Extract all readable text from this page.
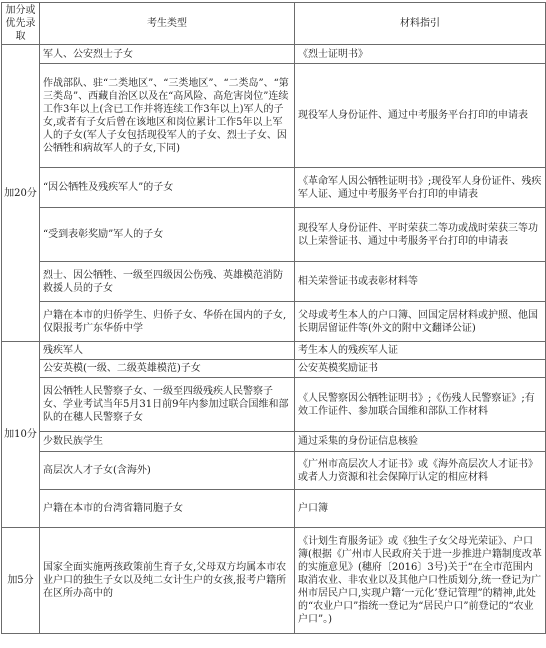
加分或优先录取	考生类型	材料指引
加20分	军人、公安烈士子女	《烈士证明书》
	作战部队、驻“二类地区”、“三类地区”、“二类岛”、“第三类岛”、西藏自治区以及在“高风险、高危害岗位”连续工作3年以上(含已工作并将连续工作3年以上)军人的子女,或者有子女后曾在该地区和岗位累计工作5年以上军人的子女(军人子女包括现役军人的子女、烈士子女、因公牺牲和病故军人的子女,下同)	现役军人身份证件、通过中考服务平台打印的申请表
	“因公牺牲及残疾军人”的子女	《革命军人因公牺牲证明书》;现役军人身份证件、残疾军人证、通过中考服务平台打印的申请表
	“受到表彰奖励”军人的子女	现役军人身份证件、平时荣获二等功或战时荣获三等功以上荣誉证书、通过中考服务平台打印的申请表
	烈士、因公牺牲、一级至四级因公伤残、英雄模范消防救援人员的子女	相关荣誉证书或表彰材料等
	户籍在本市的归侨学生、归侨子女、华侨在国内的子女,仅限报考广东华侨中学	父母或考生本人的户口簿、回国定居材料或护照、他国长期居留证件等(外文的附中文翻译公证)
加10分	残疾军人	考生本人的残疾军人证
	公安英模(一级、二级英雄模范)子女	公安英模奖励证书
	因公牺牲人民警察子女、一级至四级残疾人民警察子女、学业考试当年5月31日前9年内参加过联合国维和部队的在穗人民警察子女	《人民警察因公牺牲证明书》;《伤残人民警察证》;有效工作证件、参加联合国维和部队工作材料
	少数民族学生	通过采集的身份证信息核验
	高层次人才子女(含海外)	《广州市高层次人才证书》或《海外高层次人才证书》或者人力资源和社会保障厅认定的相应材料
	户籍在本市的台湾省籍同胞子女	户口簿
加5分	国家全面实施两孩政策前生育子女,父母双方均属本市农业户口的独生子女以及纯二女计生户的女孩,报考户籍所在区所办高中的	《计划生育服务证》或《独生子女父母光荣证》、户口簿(根据《广州市人民政府关于进一步推进户籍制度改革的实施意见》(穗府〔2016〕3号)关于“在全市范围内取消农业、非农业以及其他户口性质划分,统一登记为广州市居民户口,实现户籍‘一元化’登记管理”的精神,此处的“农业户口”指统一登记为“居民户口”前登记的“农业户口”。)
